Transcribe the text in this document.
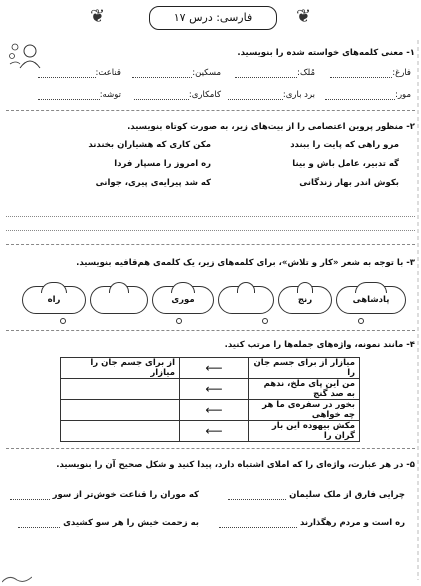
❦	فارسی: درس ۱۷	❦
۱- معنی کلمه‌های خواسته شده را بنویسید.
فارغ:
مُلک:
مسکین:
قناعت:
مور:
برد باری:
کامکاری:
توشه:
۲- منظور پروین اعتصامی را از بیت‌های زیر، به صورت کوتاه بنویسید.
مرو راهی که پایت را ببندد
مکن کاری که هشیاران بخندند
گه تدبیر، عامل باش و بینا
ره امروز را مسپار فردا
بکوش اندر بهار زندگانی
که شد پیرایه‌ی پیری، جوانی
۳- با توجه به شعر «کار و تلاش»، برای کلمه‌های زیر، یک کلمه‌ی هم‌قافیه بنویسید.
پادشاهی
رنج
موری
راه
۴- مانند نمونه، واژه‌های جمله‌ها را مرتب کنید.
میازار از برای جسم جان را	⟵	از برای جسم جان را میازار
من این پای ملخ، ندهم به صد گنج	⟵	
بخور در سفره‌ی ما هر چه خواهی	⟵	
مکش بیهوده این بار گران را	⟵	
۵- در هر عبارت، واژه‌ای را که املای اشتباه دارد، پیدا کنید و شکل صحیح آن را بنویسید.
چرایی فارق از ملک سلیمان
که موران را قناعت خوش‌تر از سور
ره است و مردم رهگذارند
به زحمت خیش را هر سو کشیدی
